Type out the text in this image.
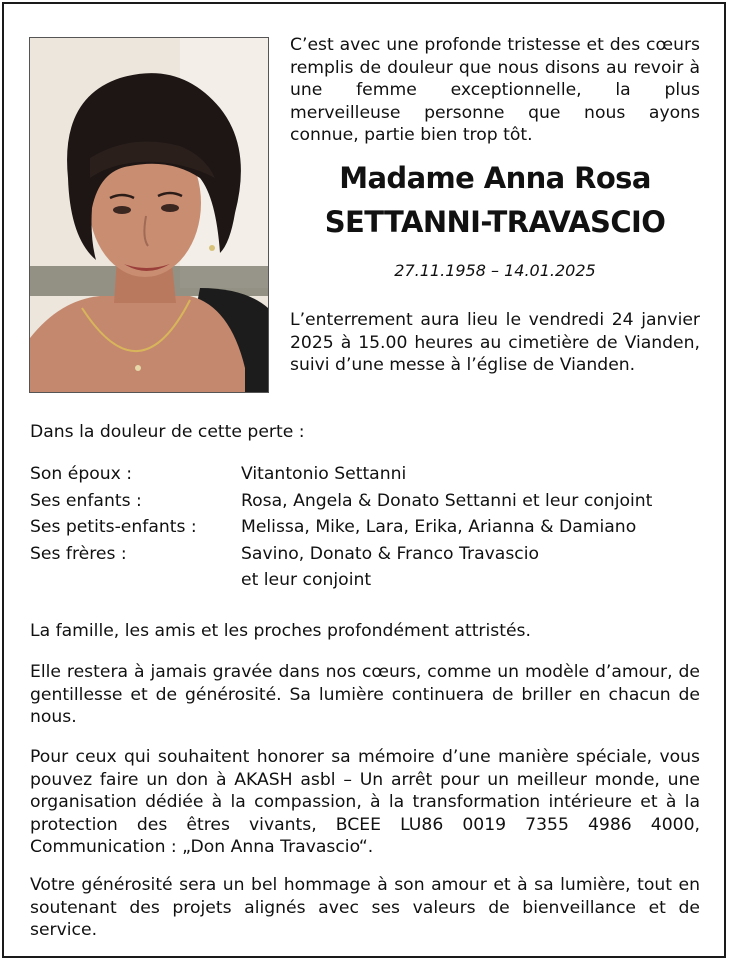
C’est avec une profonde tristesse et des cœurs remplis de douleur que nous disons au revoir à une femme exceptionnelle, la plus merveilleuse personne que nous ayons connue, partie bien trop tôt.

Madame Anna Rosa
SETTANNI-TRAVASCIO

27.11.1958 – 14.01.2025

L’enterrement aura lieu le vendredi 24 janvier 2025 à 15.00 heures au cimetière de Vianden, suivi d’une messe à l’église de Vianden.

Dans la douleur de cette perte :

Son époux :	Vitantonio Settanni
Ses enfants :	Rosa, Angela & Donato Settanni et leur conjoint
Ses petits-enfants :	Melissa, Mike, Lara, Erika, Arianna & Damiano
Ses frères :	Savino, Donato & Franco Travascio
et leur conjoint

La famille, les amis et les proches profondément attristés.

Elle restera à jamais gravée dans nos cœurs, comme un modèle d’amour, de gentillesse et de générosité. Sa lumière continuera de briller en chacun de nous.

Pour ceux qui souhaitent honorer sa mémoire d’une manière spéciale, vous pouvez faire un don à AKASH asbl – Un arrêt pour un meilleur monde, une organisation dédiée à la compassion, à la transformation intérieure et à la protection des êtres vivants, BCEE LU86 0019 7355 4986 4000, Communication : „Don Anna Travascio“.

Votre générosité sera un bel hommage à son amour et à sa lumière, tout en soutenant des projets alignés avec ses valeurs de bienveillance et de service.
